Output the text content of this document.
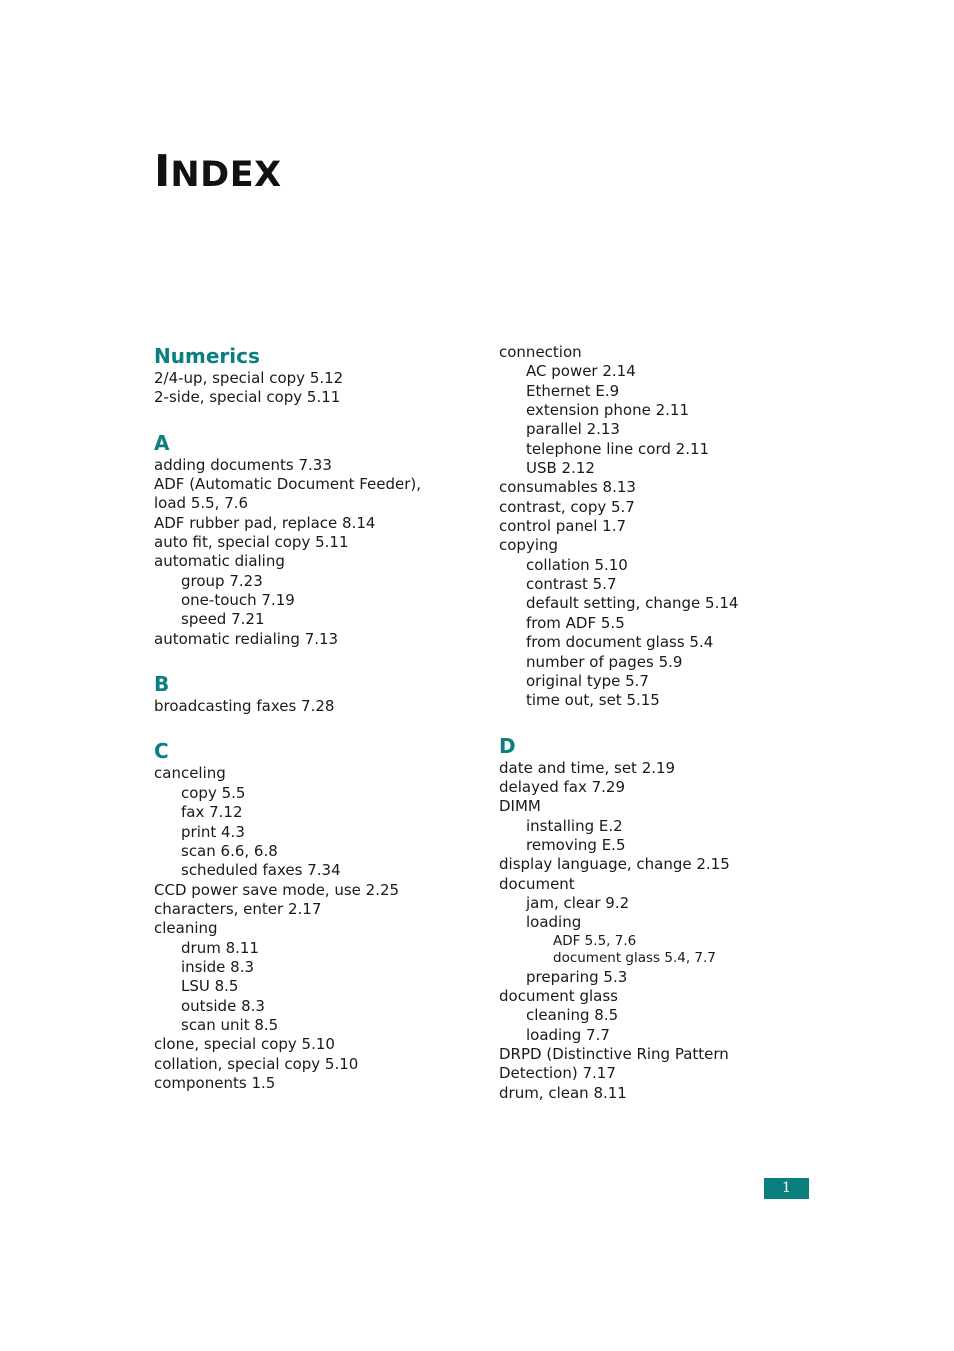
INDEX
Numerics
2/4-up, special copy 5.12
2-side, special copy 5.11
A
adding documents 7.33
ADF (Automatic Document Feeder),
load 5.5, 7.6
ADF rubber pad, replace 8.14
auto fit, special copy 5.11
automatic dialing
group 7.23
one-touch 7.19
speed 7.21
automatic redialing 7.13
B
broadcasting faxes 7.28
C
canceling
copy 5.5
fax 7.12
print 4.3
scan 6.6, 6.8
scheduled faxes 7.34
CCD power save mode, use 2.25
characters, enter 2.17
cleaning
drum 8.11
inside 8.3
LSU 8.5
outside 8.3
scan unit 8.5
clone, special copy 5.10
collation, special copy 5.10
components 1.5
connection
AC power 2.14
Ethernet E.9
extension phone 2.11
parallel 2.13
telephone line cord 2.11
USB 2.12
consumables 8.13
contrast, copy 5.7
control panel 1.7
copying
collation 5.10
contrast 5.7
default setting, change 5.14
from ADF 5.5
from document glass 5.4
number of pages 5.9
original type 5.7
time out, set 5.15
D
date and time, set 2.19
delayed fax 7.29
DIMM
installing E.2
removing E.5
display language, change 2.15
document
jam, clear 9.2
loading
ADF 5.5, 7.6
document glass 5.4, 7.7
preparing 5.3
document glass
cleaning 8.5
loading 7.7
DRPD (Distinctive Ring Pattern
Detection) 7.17
drum, clean 8.11
1
